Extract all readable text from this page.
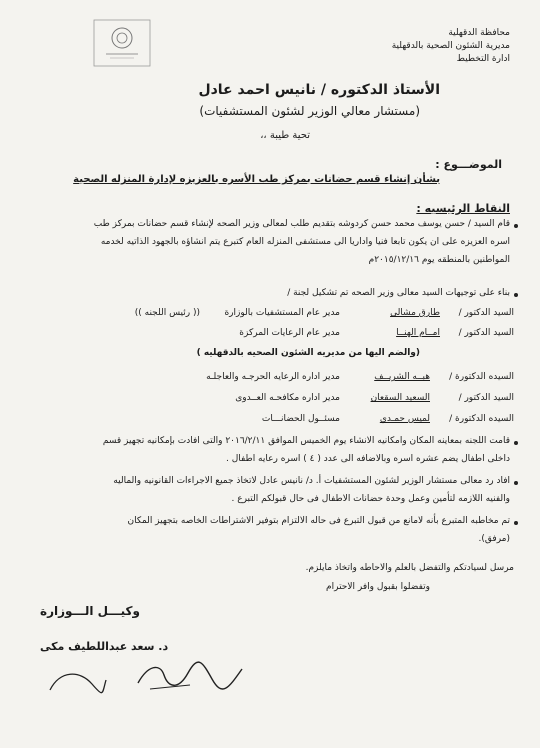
محافظة الدقهلية
مديرية الشئون الصحية بالدقهلية
ادارة التخطيط
الأستاذ الدكتوره / نانيس احمد عادل
(مستشار معالي الوزير لشئون المستشفيات)
تحية طيبة ،،
الموضـــوع :
بشأن إنشاء قسم حضانات بمركز طب الأسره بالعزيزه لإدارة المنزله الصحية
النقاط الرئيسيه :
قام السيد / حسن يوسف محمد حسن كردوشه بتقديم طلب لمعالى وزير الصحه لإنشاء قسم حضانات بمركز طب
اسره العزيزه على ان يكون تابعا فنيا واداريا الى مستشفى المنزله العام كتبرع يتم انشاؤه بالجهود الذاتيه لخدمه
المواطنين بالمنطقه يوم ٢٠١٥/١٢/١٦م
بناء على توجيهات السيد معالى وزير الصحه تم تشكيل لجنة /
السيد الدكتور /
طارق مشالى
مدير عام المستشفيات بالوزارة
(( رئيس اللجنه ))
السيد الدكتور /
امــام الهنــا
مدير عام الرعايات المركزة
(والضم اليها من مديريه الشئون الصحيه بالدقهليه )
السيده الدكتورة /
هبــه الشريــف
مدير اداره الرعايه الحرجـه والعاجلـه
السيد الدكتور /
السعيد السقعان
مدير اداره مكافحـه العــدوى
السيده الدكتورة /
لميس حمـدي
مسئــول الحضانـــات
قامت اللجنه بمعاينه المكان وامكانيه الانشاء يوم الخميس الموافق ٢٠١٦/٢/١١ والتى افادت بإمكانيه تجهيز قسم
داخلى اطفال يضم عشره اسره وبالاضافه الى عدد ( ٤ ) اسره رعايه اطفال .
افاد رد معالى مستشار الوزير لشئون المستشفيات أ. د/ نانيس عادل لاتخاذ جميع الاجراءات القانونيه والماليه
والفنيه اللازمه لتأمين وعمل وحدة حضانات الاطفال فى حال قبولكم التبرع .
تم مخاطبه المتبرع بأنه لامانع من قبول التبرع فى حاله الالتزام بتوفير الاشتراطات الخاصه بتجهيز المكان
(مرفق).
مرسل لسيادتكم والتفضل بالعلم والاحاطه واتخاذ مايلزم.
وتفضلوا بقبول وافر الاحترام
وكيـــل الـــوزارة
د. سعد عبداللطيف مكى
